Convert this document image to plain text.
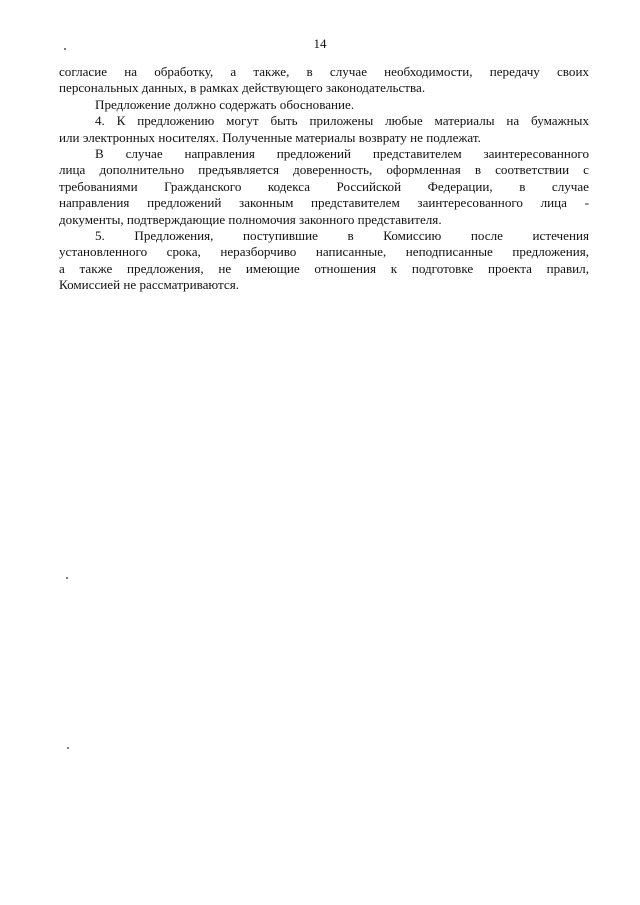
14

согласие на обработку, а также, в случае необходимости, передачу своих
персональных данных, в рамках действующего законодательства.

Предложение должно содержать обоснование.

4. К предложению могут быть приложены любые материалы на бумажных
или электронных носителях. Полученные материалы возврату не подлежат.

В случае направления предложений представителем заинтересованного
лица дополнительно предъявляется доверенность, оформленная в соответствии с
требованиями Гражданского кодекса Российской Федерации, в случае
направления предложений законным представителем заинтересованного лица -
документы, подтверждающие полномочия законного представителя.

5. Предложения, поступившие в Комиссию после истечения
установленного срока, неразборчиво написанные, неподписанные предложения,
а также предложения, не имеющие отношения к подготовке проекта правил,
Комиссией не рассматриваются.
